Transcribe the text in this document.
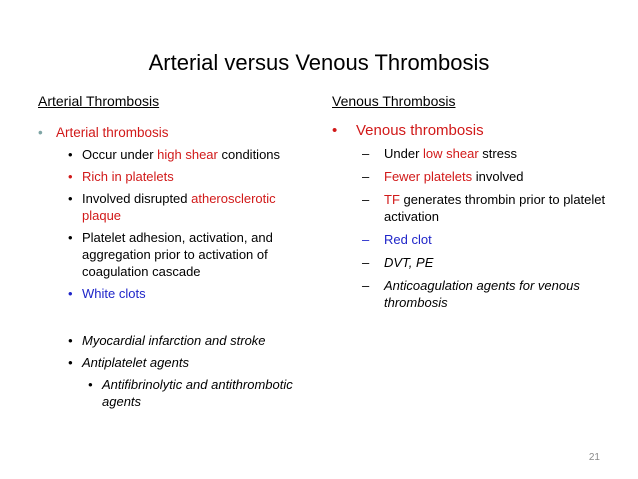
Arterial versus Venous Thrombosis
Arterial Thrombosis
• Arterial thrombosis
• Occur under high shear conditions
• Rich in platelets
• Involved disrupted atherosclerotic plaque
• Platelet adhesion, activation, and aggregation prior to activation of coagulation cascade
• White clots
• Myocardial infarction and stroke
• Antiplatelet agents
• Antifibrinolytic and antithrombotic agents
Venous Thrombosis
• Venous thrombosis
– Under low shear stress
– Fewer platelets involved
– TF generates thrombin prior to platelet activation
– Red clot
– DVT, PE
– Anticoagulation agents for venous thrombosis
21
